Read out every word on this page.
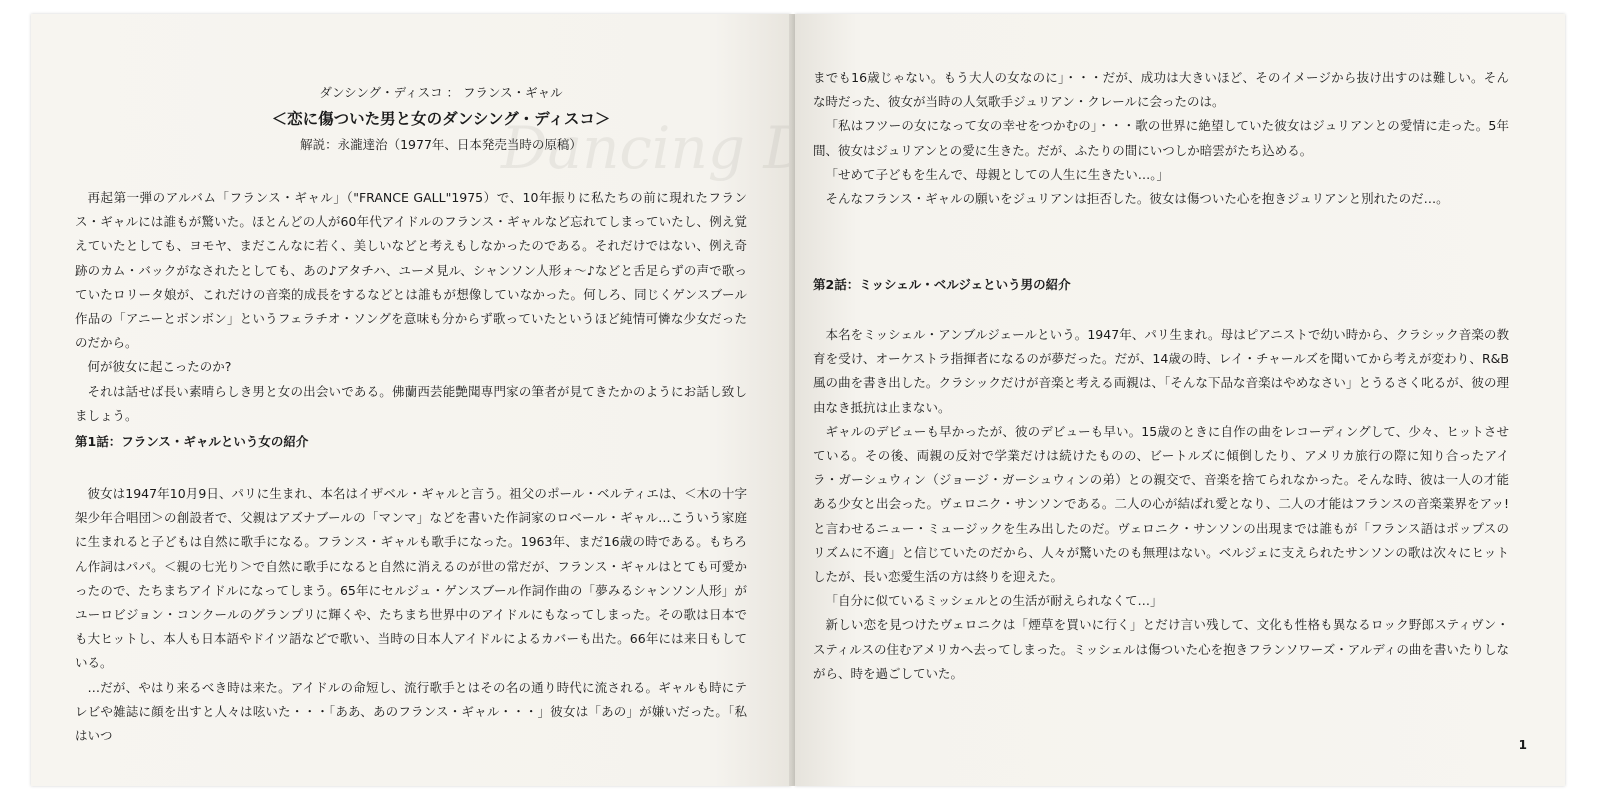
Dancing Disco
ダンシング・ディスコ ： フランス・ギャル
＜恋に傷ついた男と女のダンシング・ディスコ＞
解説：永瀧達治（1977年、日本発売当時の原稿）

再起第一弾のアルバム「フランス・ギャル」（"FRANCE GALL"1975）で、10年振りに私たちの前に現れたフランス・ギャルには誰もが驚いた。ほとんどの人が60年代アイドルのフランス・ギャルなど忘れてしまっていたし、例え覚えていたとしても、ヨモヤ、まだこんなに若く、美しいなどと考えもしなかったのである。それだけではない、例え奇跡のカム・バックがなされたとしても、あの♪アタチハ、ユーメ見ル、シャンソン人形ォ〜♪などと舌足らずの声で歌っていたロリータ娘が、これだけの音楽的成長をするなどとは誰もが想像していなかった。何しろ、同じくゲンスブール作品の「アニーとボンボン」というフェラチオ・ソングを意味も分からず歌っていたというほど純情可憐な少女だったのだから。

何が彼女に起こったのか?

それは話せば長い素晴らしき男と女の出会いである。佛蘭西芸能艶聞専門家の筆者が見てきたかのようにお話し致しましょう。

第1話：フランス・ギャルという女の紹介

彼女は1947年10月9日、パリに生まれ、本名はイザベル・ギャルと言う。祖父のポール・ベルティエは、＜木の十字架少年合唱団＞の創設者で、父親はアズナブールの「マンマ」などを書いた作詞家のロベール・ギャル…こういう家庭に生まれると子どもは自然に歌手になる。フランス・ギャルも歌手になった。1963年、まだ16歳の時である。もちろん作詞はパパ。＜親の七光り＞で自然に歌手になると自然に消えるのが世の常だが、フランス・ギャルはとても可愛かったので、たちまちアイドルになってしまう。65年にセルジュ・ゲンスブール作詞作曲の「夢みるシャンソン人形」がユーロビジョン・コンクールのグランプリに輝くや、たちまち世界中のアイドルにもなってしまった。その歌は日本でも大ヒットし、本人も日本語やドイツ語などで歌い、当時の日本人アイドルによるカバーも出た。66年には来日もしている。

…だが、やはり来るべき時は来た。アイドルの命短し、流行歌手とはその名の通り時代に流される。ギャルも時にテレビや雑誌に顔を出すと人々は呟いた・・・「ああ、あのフランス・ギャル・・・」彼女は「あの」が嫌いだった。「私はいつ

までも16歳じゃない。もう大人の女なのに」・・・だが、成功は大きいほど、そのイメージから抜け出すのは難しい。そんな時だった、彼女が当時の人気歌手ジュリアン・クレールに会ったのは。

「私はフツーの女になって女の幸せをつかむの」・・・歌の世界に絶望していた彼女はジュリアンとの愛情に走った。5年間、彼女はジュリアンとの愛に生きた。だが、ふたりの間にいつしか暗雲がたち込める。

「せめて子どもを生んで、母親としての人生に生きたい…。」

そんなフランス・ギャルの願いをジュリアンは拒否した。彼女は傷ついた心を抱きジュリアンと別れたのだ…。

第2話：ミッシェル・ベルジェという男の紹介

本名をミッシェル・アンブルジェールという。1947年、パリ生まれ。母はピアニストで幼い時から、クラシック音楽の教育を受け、オーケストラ指揮者になるのが夢だった。だが、14歳の時、レイ・チャールズを聞いてから考えが変わり、R&B風の曲を書き出した。クラシックだけが音楽と考える両親は、「そんな下品な音楽はやめなさい」とうるさく叱るが、彼の理由なき抵抗は止まない。

ギャルのデビューも早かったが、彼のデビューも早い。15歳のときに自作の曲をレコーディングして、少々、ヒットさせている。その後、両親の反対で学業だけは続けたものの、ビートルズに傾倒したり、アメリカ旅行の際に知り合ったアイラ・ガーシュウィン（ジョージ・ガーシュウィンの弟）との親交で、音楽を捨てられなかった。そんな時、彼は一人の才能ある少女と出会った。ヴェロニク・サンソンである。二人の心が結ばれ愛となり、二人の才能はフランスの音楽業界をアッ!と言わせるニュー・ミュージックを生み出したのだ。ヴェロニク・サンソンの出現までは誰もが「フランス語はポップスのリズムに不適」と信じていたのだから、人々が驚いたのも無理はない。ベルジェに支えられたサンソンの歌は次々にヒットしたが、長い恋愛生活の方は終りを迎えた。

「自分に似ているミッシェルとの生活が耐えられなくて…」

新しい恋を見つけたヴェロニクは「煙草を買いに行く」とだけ言い残して、文化も性格も異なるロック野郎スティヴン・スティルスの住むアメリカへ去ってしまった。ミッシェルは傷ついた心を抱きフランソワーズ・アルディの曲を書いたりしながら、時を過ごしていた。

1
